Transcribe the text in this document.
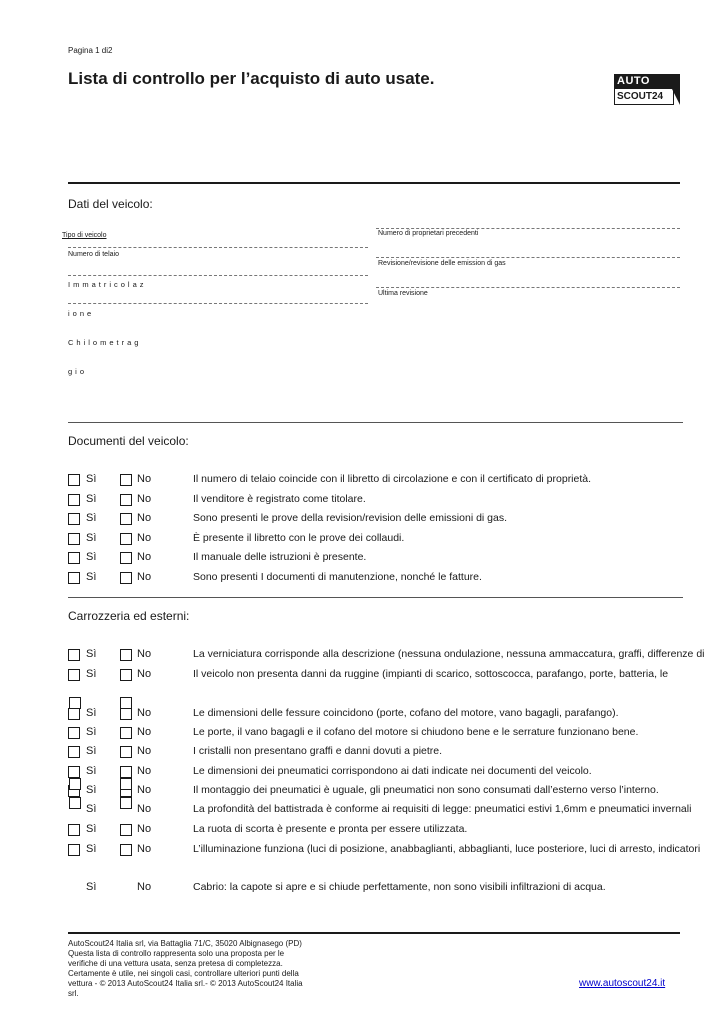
Pagina 1 di2
Lista di controllo per l’acquisto di auto usate.	AUTO
SCOUT24
Dati del veicolo:
Tipo di veicolo
Numero di telaio
Immatricolaz
ione
Chilometrag
gio
Numero di proprietari precedenti
Revisione/revisione delle emission di gas
Ultima revisione
Documenti del veicolo:
Sì	No	Il numero di telaio coincide con il libretto di circolazione e con il certificato di proprietà.
Sì	No	Il venditore è registrato come titolare.
Sì	No	Sono presenti le prove della revision/revision delle emissioni di gas.
Sì	No	È presente il libretto con le prove dei collaudi.
Sì	No	Il manuale delle istruzioni è presente.
Sì	No	Sono presenti I documenti di manutenzione, nonché le fatture.
Carrozzeria ed esterni:
Sì	No	La verniciatura corrisponde alla descrizione (nessuna ondulazione, nessuna ammaccatura, graffi, differenze di
Sì	No	Il veicolo non presenta danni da ruggine (impianti di scarico, sottoscocca, parafango, porte, batteria, le
Sì	No	Le dimensioni delle fessure coincidono (porte, cofano del motore, vano bagagli, parafango).
Sì	No	Le porte, il vano bagagli e il cofano del motore si chiudono bene e le serrature funzionano bene.
Sì	No	I cristalli non presentano graffi e danni dovuti a pietre.
Sì	No	Le dimensioni dei pneumatici corrispondono ai dati indicate nei documenti del veicolo.
Sì	No	Il montaggio dei pneumatici è uguale, gli pneumatici non sono consumati dall’esterno verso l’interno.
Sì	No	La profondità del battistrada è conforme ai requisiti di legge: pneumatici estivi 1,6mm e pneumatici invernali
Sì	No	La ruota di scorta è presente e pronta per essere utilizzata.
Sì	No	L’illuminazione funziona (luci di posizione, anabbaglianti, abbaglianti, luce posteriore, luci di arresto, indicatori
Sì	No	Cabrio: la capote si apre e si chiude perfettamente, non sono visibili infiltrazioni di acqua.
AutoScout24 Italia srl, via Battaglia 71/C, 35020 Albignasego (PD)
Questa lista di controllo rappresenta solo una proposta per le verifiche di una vettura usata, senza pretesa di completezza. Certamente è utile, nei singoli casi, controllare ulteriori punti della vettura - © 2013 AutoScout24 Italia srl.- © 2013 AutoScout24 Italia srl.
www.autoscout24.it
